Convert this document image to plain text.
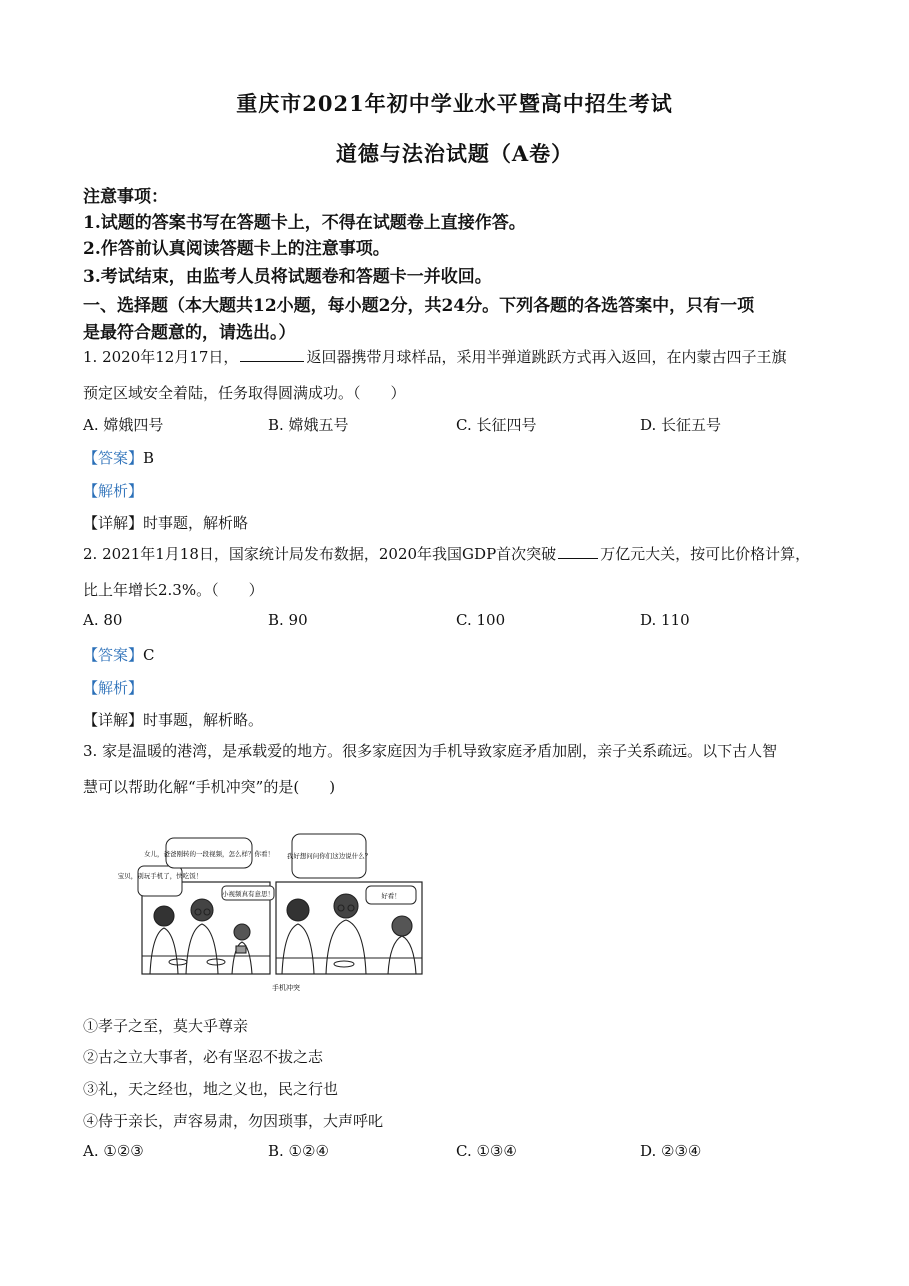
重庆市2021年初中学业水平暨高中招生考试
道德与法治试题（A卷）
注意事项：
1.试题的答案书写在答题卡上，不得在试题卷上直接作答。
2.作答前认真阅读答题卡上的注意事项。
3.考试结束，由监考人员将试题卷和答题卡一并收回。
一、选择题（本大题共12小题，每小题2分，共24分。下列各题的各选答案中，只有一项
是最符合题意的，请选出。）
1. 2020年12月17日，	返回器携带月球样品，采用半弹道跳跃方式再入返回，在内蒙古四子王旗
预定区域安全着陆，任务取得圆满成功。（　　）
A. 嫦娥四号	B. 嫦娥五号	C. 长征四号	D. 长征五号
【答案】B
【解析】
【详解】时事题，解析略
2. 2021年1月18日，国家统计局发布数据，2020年我国GDP首次突破	万亿元大关，按可比价格计算，
比上年增长2.3%。（　　）
A. 80	B. 90	C. 100	D. 110
【答案】C
【解析】
【详解】时事题，解析略。
3. 家是温暖的港湾，是承载爱的地方。很多家庭因为手机导致家庭矛盾加剧，亲子关系疏远。以下古人智
慧可以帮助化解“手机冲突”的是(　　)
宝贝，别玩手机了，快吃饭！
女儿，爸爸刚转的一段视频，怎么样？你看！
小视频真有意思！
我好想问问你们这边说什么？
好看！
手机冲突
①孝子之至，莫大乎尊亲
②古之立大事者，必有坚忍不拔之志
③礼，天之经也，地之义也，民之行也
④侍于亲长，声容易肃，勿因琐事，大声呼叱
A. ①②③	B. ①②④	C. ①③④	D. ②③④
